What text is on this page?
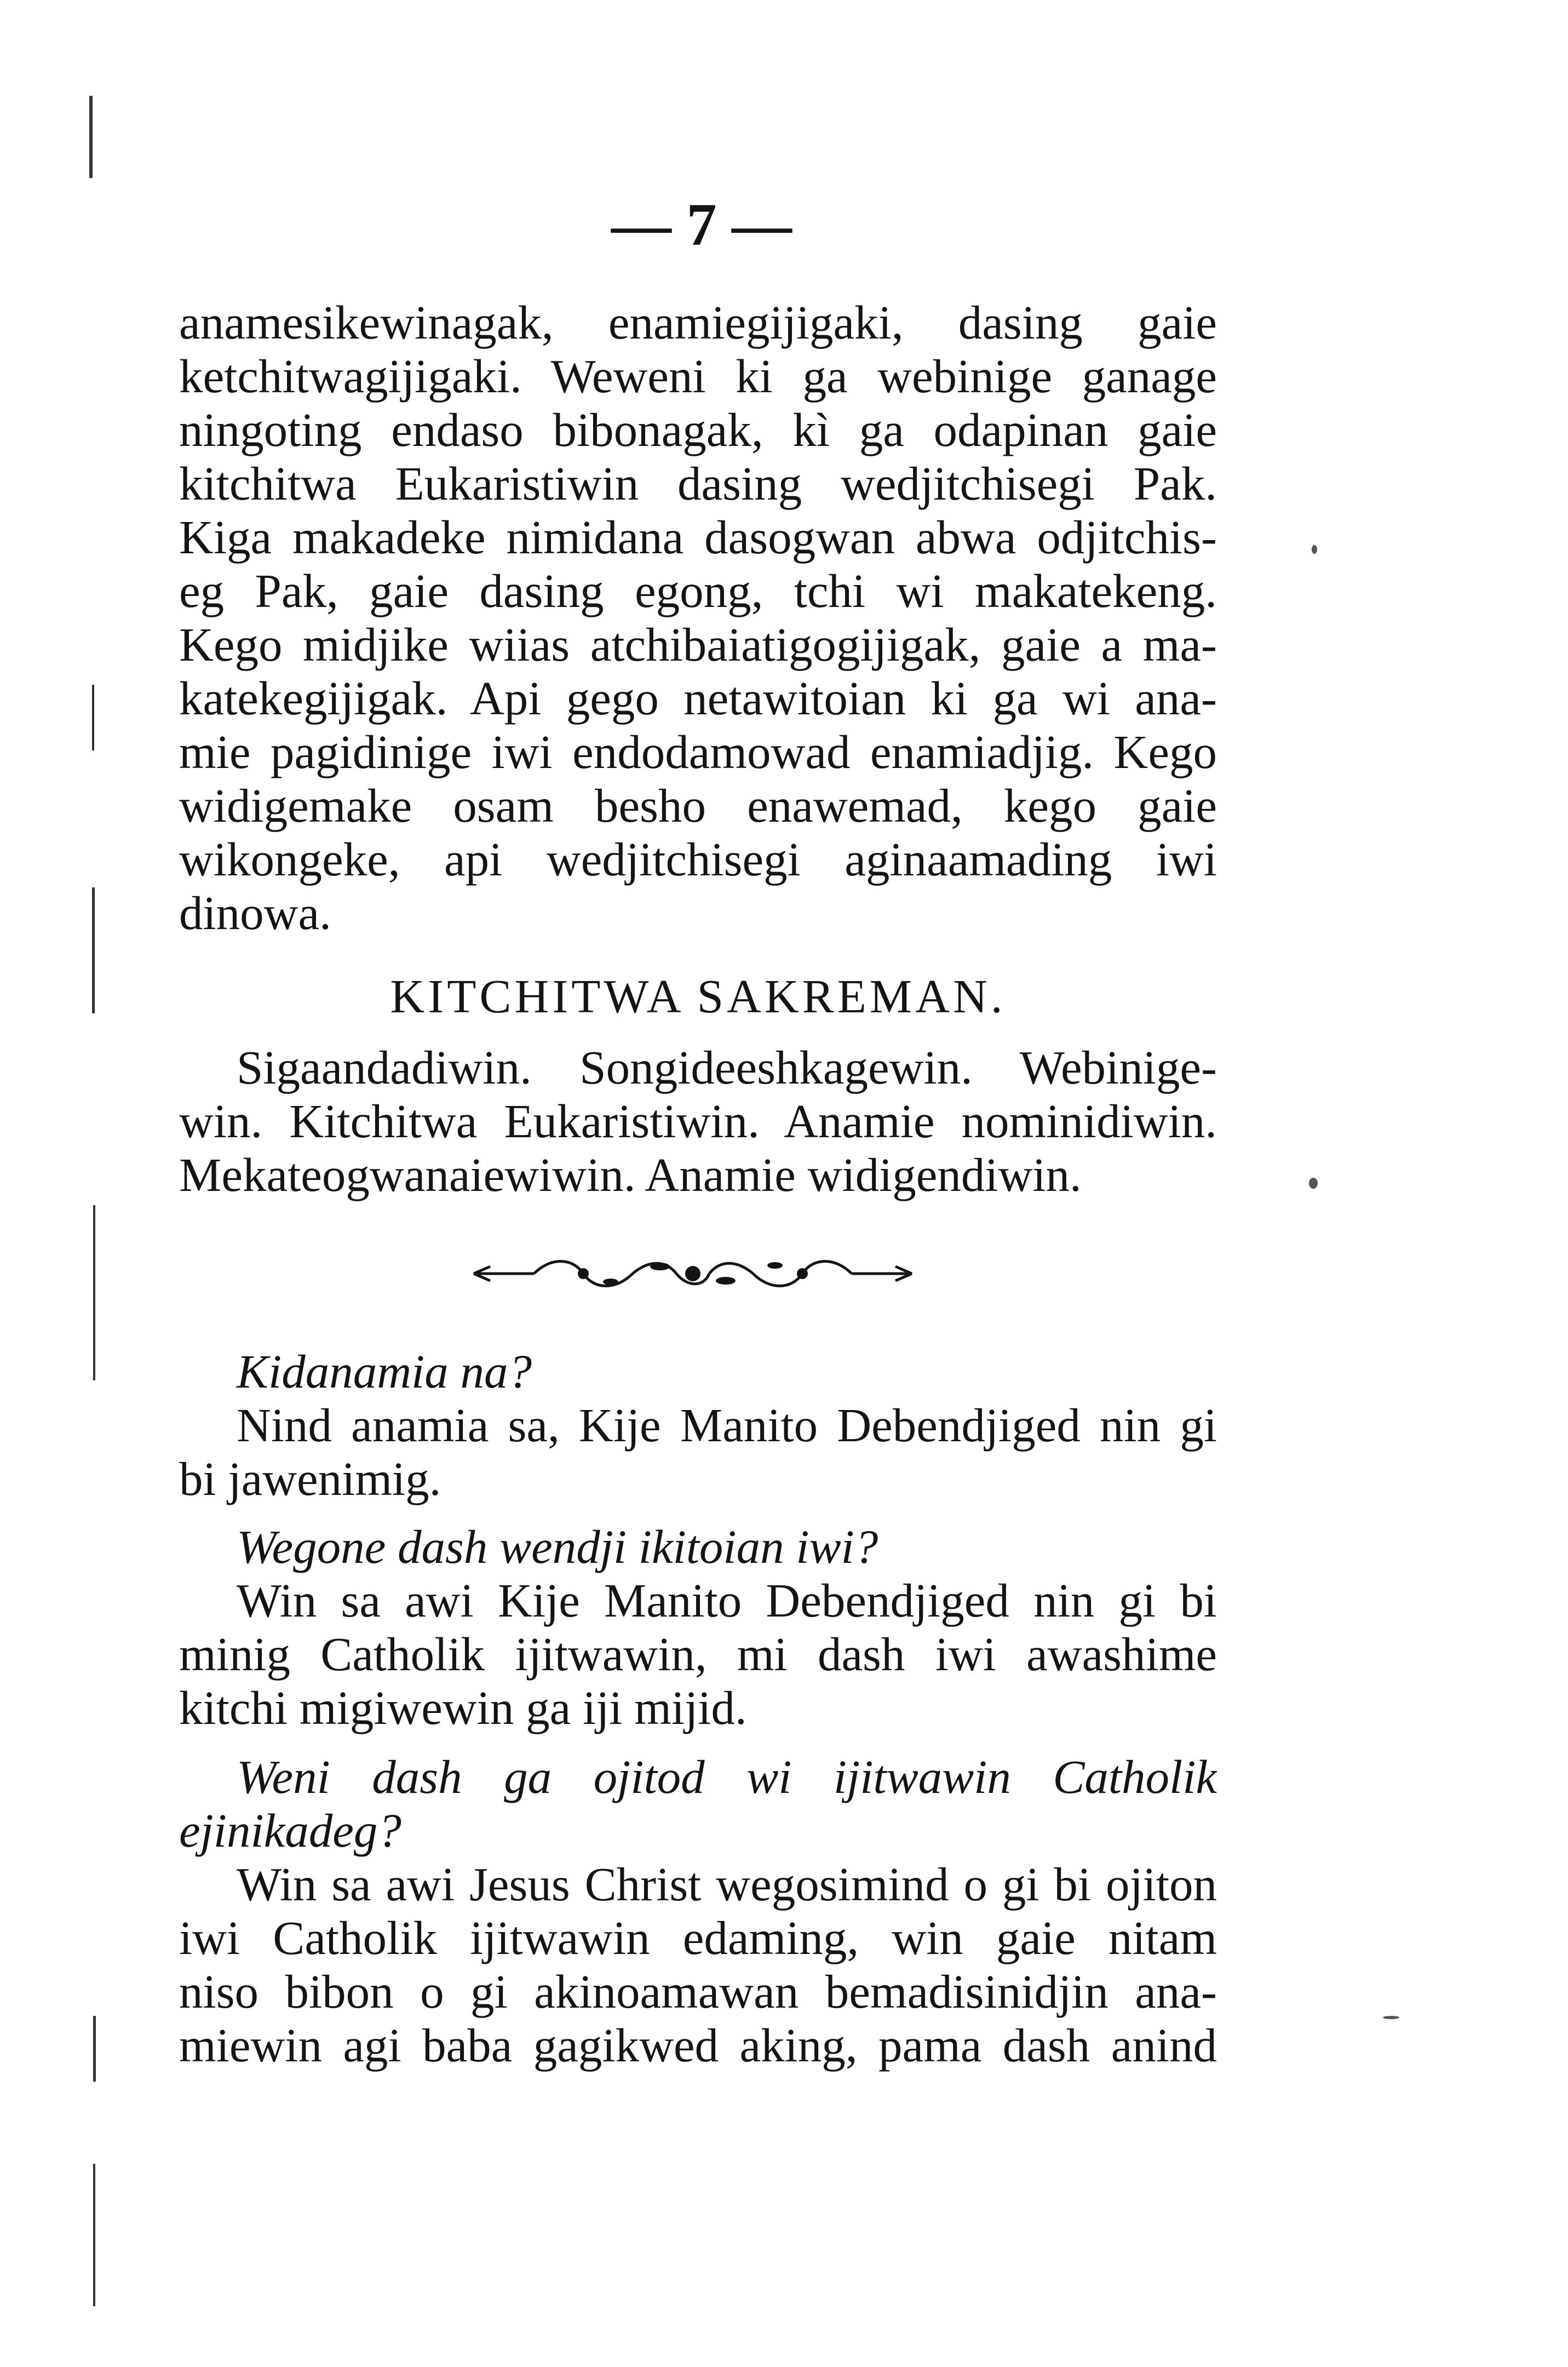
— 7 —
anamesikewinagak, enamiegijigaki, dasing gaie
ketchitwagijigaki. Weweni ki ga webinige ganage
ningoting endaso bibonagak, kì ga odapinan gaie
kitchitwa Eukaristiwin dasing wedjitchisegi Pak.
Kiga makadeke nimidana dasogwan abwa odjitchis-
eg Pak, gaie dasing egong, tchi wi makatekeng.
Kego midjike wiias atchibaiatigogijigak, gaie a ma-
katekegijigak. Api gego netawitoian ki ga wi ana-
mie pagidinige iwi endodamowad enamiadjig. Kego
widigemake osam besho enawemad, kego gaie
wikongeke, api wedjitchisegi aginaamading iwi
dinowa.
KITCHITWA SAKREMAN.
Sigaandadiwin. Songideeshkagewin. Webinige-
win. Kitchitwa Eukaristiwin. Anamie nominidiwin.
Mekateogwanaiewiwin. Anamie widigendiwin.
Kidanamia na?
Nind anamia sa, Kije Manito Debendjiged nin gi
bi jawenimig.
Wegone dash wendji ikitoian iwi?
Win sa awi Kije Manito Debendjiged nin gi bi
minig Catholik ijitwawin, mi dash iwi awashime
kitchi migiwewin ga iji mijid.
Weni dash ga ojitod wi ijitwawin Catholik
ejinikadeg?
Win sa awi Jesus Christ wegosimind o gi bi ojiton
iwi Catholik ijitwawin edaming, win gaie nitam
niso bibon o gi akinoamawan bemadisinidjin ana-
miewin agi baba gagikwed aking, pama dash anind
